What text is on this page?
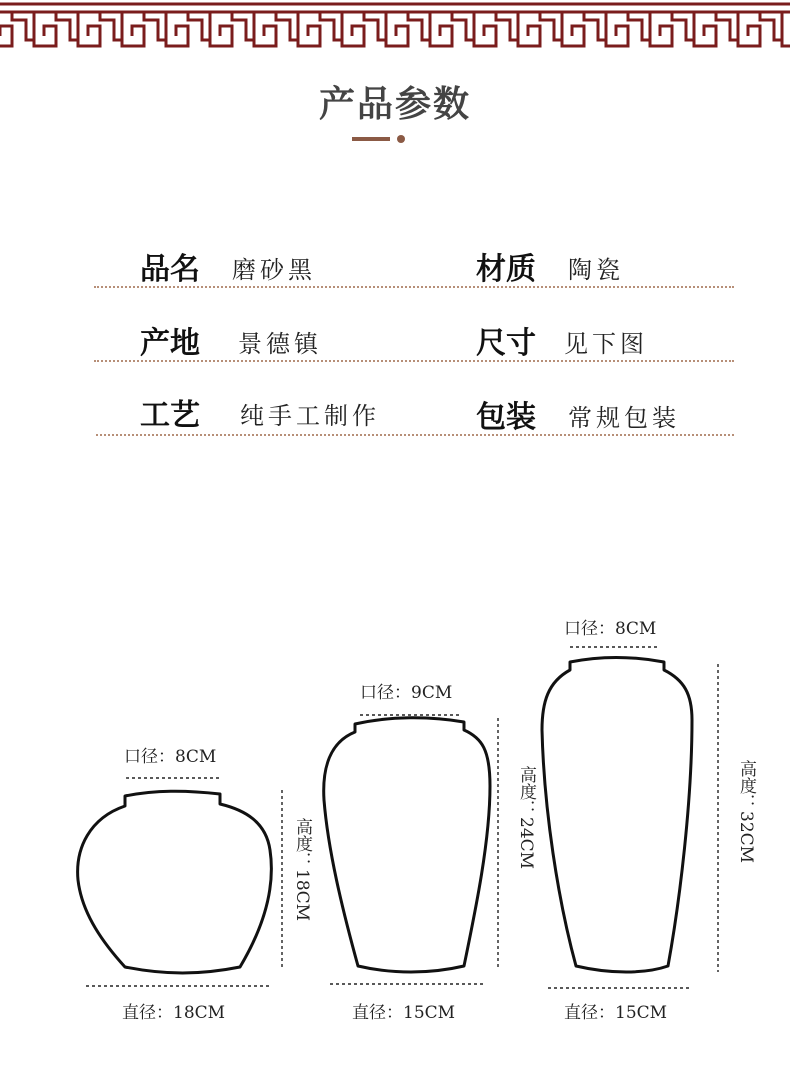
产品参数
品名 磨砂黑	材质 陶瓷
产地 景德镇	尺寸 见下图
工艺 纯手工制作	包装 常规包装
口径：8CM
高度：18CM
直径：18CM
口径：9CM
高度：24CM
直径：15CM
口径：8CM
高度：32CM
直径：15CM
